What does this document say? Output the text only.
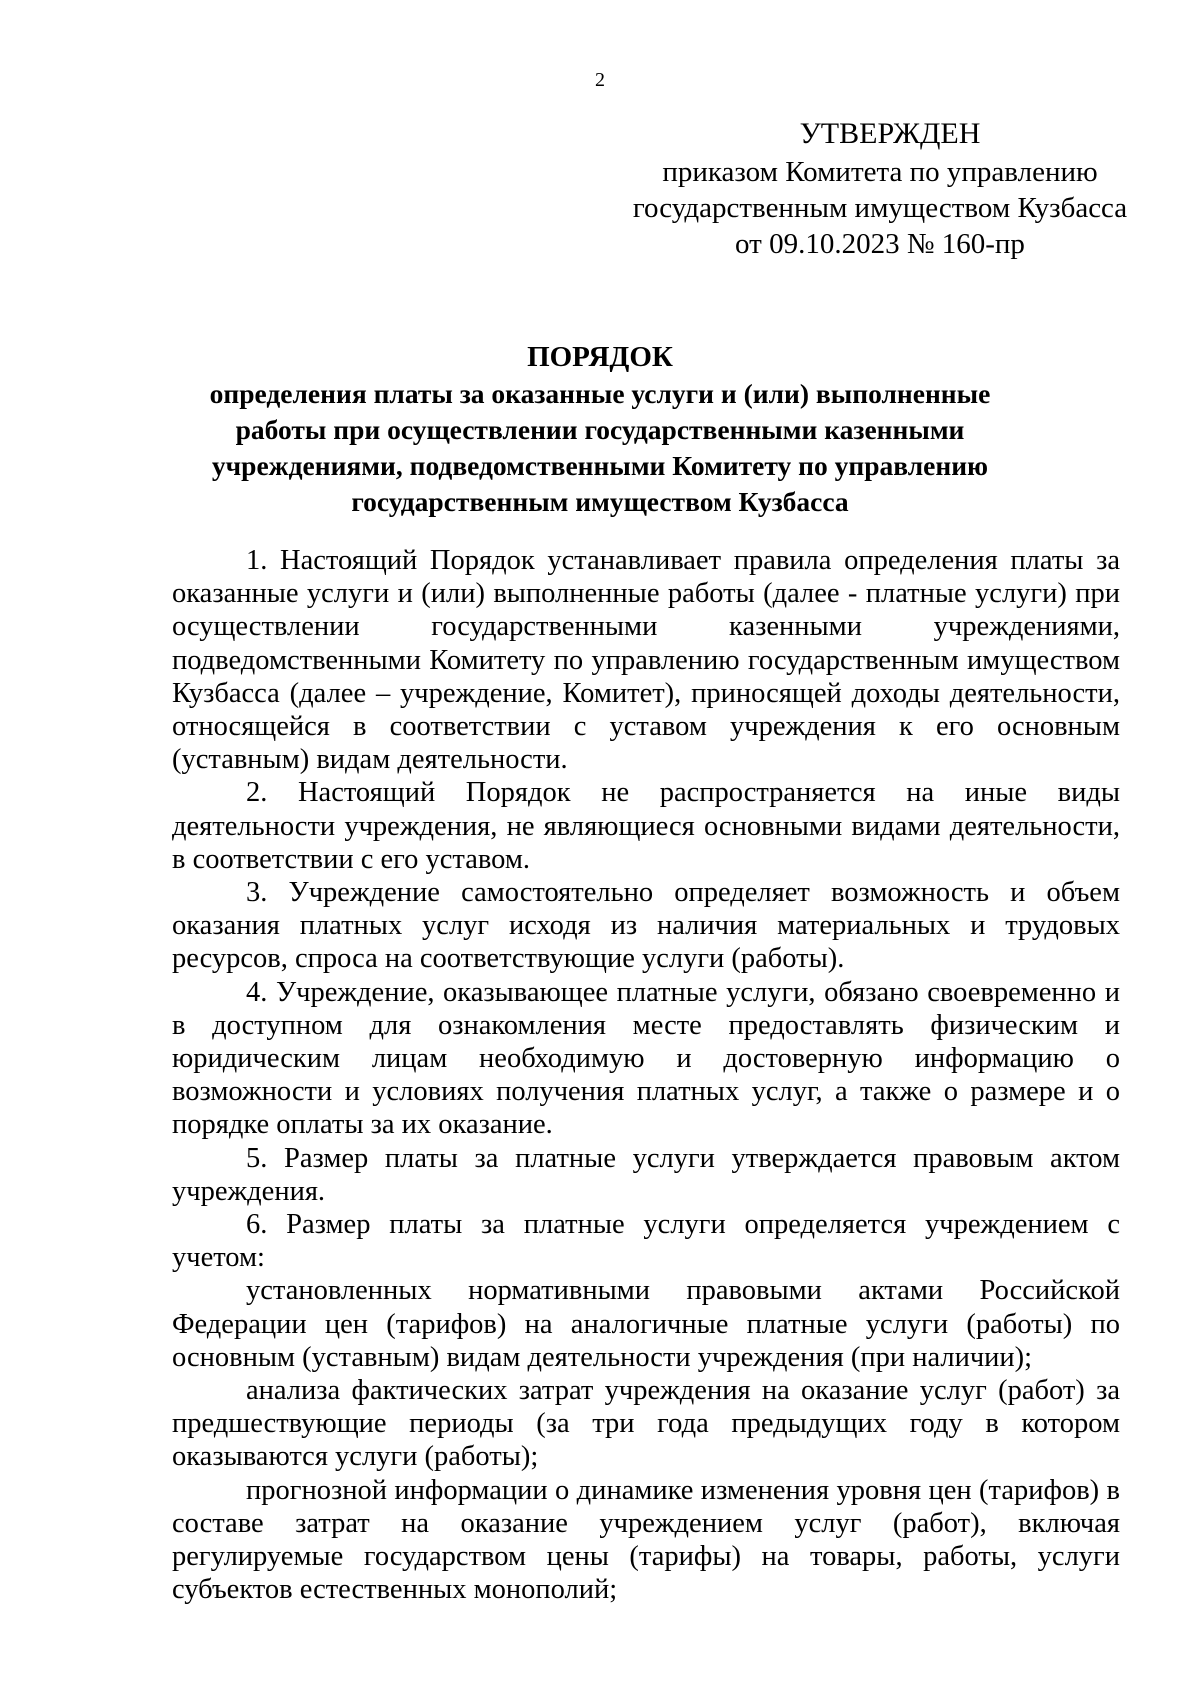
2
УТВЕРЖДЕН
приказом Комитета по управлению
государственным имуществом Кузбасса
от 09.10.2023 № 160-пр
ПОРЯДОК
определения платы за оказанные услуги и (или) выполненные работы при осуществлении государственными казенными учреждениями, подведомственными Комитету по управлению государственным имуществом Кузбасса

1. Настоящий Порядок устанавливает правила определения платы за оказанные услуги и (или) выполненные работы (далее - платные услуги) при осуществлении государственными казенными учреждениями, подведомственными Комитету по управлению государственным имуществом Кузбасса (далее – учреждение, Комитет), приносящей доходы деятельности, относящейся в соответствии с уставом учреждения к его основным (уставным) видам деятельности.

2. Настоящий Порядок не распространяется на иные виды деятельности учреждения, не являющиеся основными видами деятельности, в соответствии с его уставом.

3. Учреждение самостоятельно определяет возможность и объем оказания платных услуг исходя из наличия материальных и трудовых ресурсов, спроса на соответствующие услуги (работы).

4. Учреждение, оказывающее платные услуги, обязано своевременно и в доступном для ознакомления месте предоставлять физическим и юридическим лицам необходимую и достоверную информацию о возможности и условиях получения платных услуг, а также о размере и о порядке оплаты за их оказание.

5. Размер платы за платные услуги утверждается правовым актом учреждения.

6. Размер платы за платные услуги определяется учреждением с учетом:

установленных нормативными правовыми актами Российской Федерации цен (тарифов) на аналогичные платные услуги (работы) по основным (уставным) видам деятельности учреждения (при наличии);

анализа фактических затрат учреждения на оказание услуг (работ) за предшествующие периоды (за три года предыдущих году в котором оказываются услуги (работы);

прогнозной информации о динамике изменения уровня цен (тарифов) в составе затрат на оказание учреждением услуг (работ), включая регулируемые государством цены (тарифы) на товары, работы, услуги субъектов естественных монополий;
